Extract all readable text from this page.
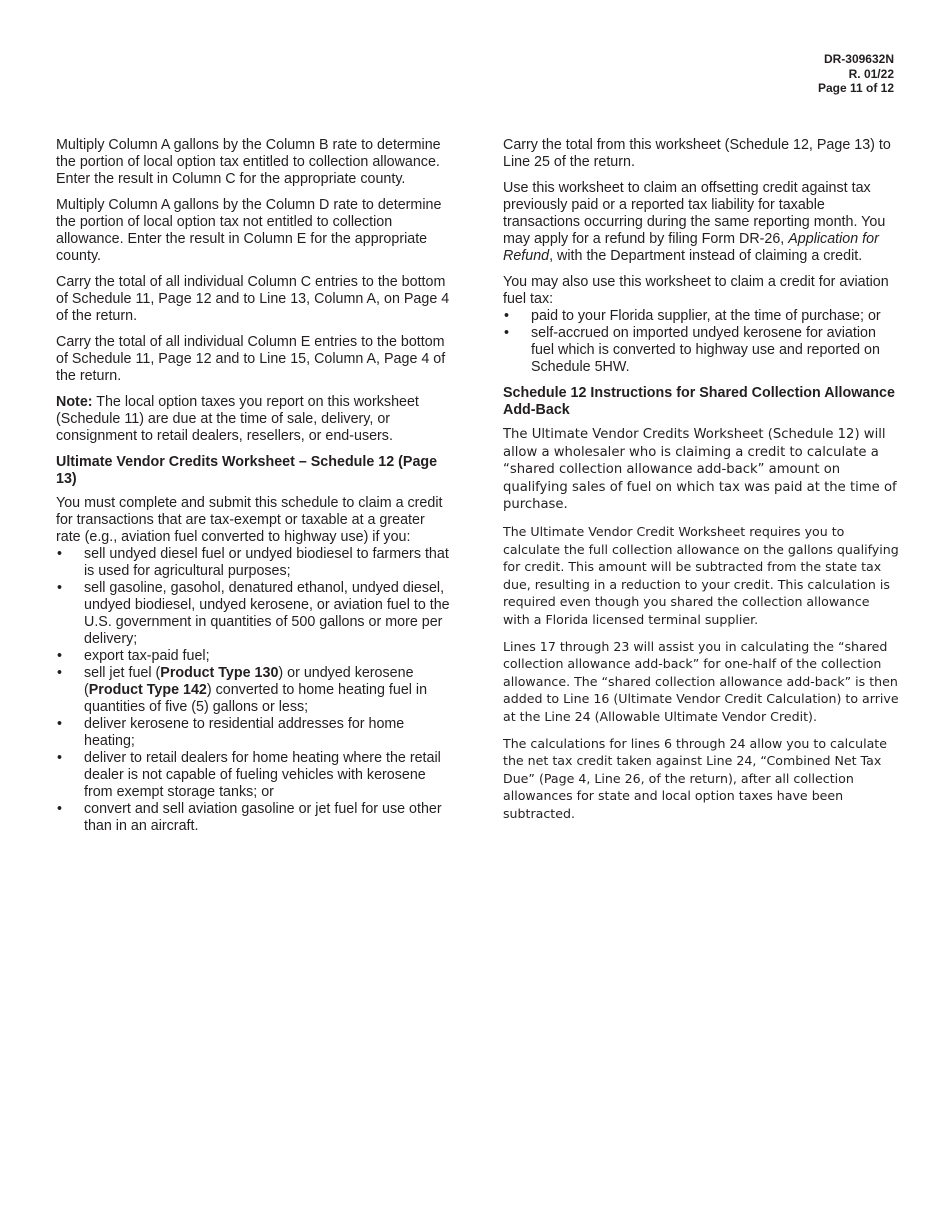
DR-309632N
R. 01/22
Page 11 of 12

Multiply Column A gallons by the Column B rate to determine the portion of local option tax entitled to collection allowance. Enter the result in Column C for the appropriate county.

Multiply Column A gallons by the Column D rate to determine the portion of local option tax not entitled to collection allowance. Enter the result in Column E for the appropriate county.

Carry the total of all individual Column C entries to the bottom of Schedule 11, Page 12 and to Line 13, Column A, on Page 4 of the return.

Carry the total of all individual Column E entries to the bottom of Schedule 11, Page 12 and to Line 15, Column A, Page 4 of the return.

Note: The local option taxes you report on this worksheet (Schedule 11) are due at the time of sale, delivery, or consignment to retail dealers, resellers, or end-users.

Ultimate Vendor Credits Worksheet – Schedule 12 (Page 13)

You must complete and submit this schedule to claim a credit for transactions that are tax-exempt or taxable at a greater rate (e.g., aviation fuel converted to highway use) if you:

• sell undyed diesel fuel or undyed biodiesel to farmers that is used for agricultural purposes;
• sell gasoline, gasohol, denatured ethanol, undyed diesel, undyed biodiesel, undyed kerosene, or aviation fuel to the U.S. government in quantities of 500 gallons or more per delivery;
• export tax-paid fuel;
• sell jet fuel (Product Type 130) or undyed kerosene (Product Type 142) converted to home heating fuel in quantities of five (5) gallons or less;
• deliver kerosene to residential addresses for home heating;
• deliver to retail dealers for home heating where the retail dealer is not capable of fueling vehicles with kerosene from exempt storage tanks; or
• convert and sell aviation gasoline or jet fuel for use other than in an aircraft.

Carry the total from this worksheet (Schedule 12, Page 13) to Line 25 of the return.

Use this worksheet to claim an offsetting credit against tax previously paid or a reported tax liability for taxable transactions occurring during the same reporting month. You may apply for a refund by filing Form DR-26, Application for Refund, with the Department instead of claiming a credit.

You may also use this worksheet to claim a credit for aviation fuel tax:

• paid to your Florida supplier, at the time of purchase; or
• self-accrued on imported undyed kerosene for aviation fuel which is converted to highway use and reported on Schedule 5HW.
Schedule 12 Instructions for Shared Collection Allowance Add-Back

The Ultimate Vendor Credits Worksheet (Schedule 12) will allow a wholesaler who is claiming a credit to calculate a “shared collection allowance add-back” amount on qualifying sales of fuel on which tax was paid at the time of purchase.

The Ultimate Vendor Credit Worksheet requires you to calculate the full collection allowance on the gallons qualifying for credit. This amount will be subtracted from the state tax due, resulting in a reduction to your credit. This calculation is required even though you shared the collection allowance with a Florida licensed terminal supplier.

Lines 17 through 23 will assist you in calculating the “shared collection allowance add-back” for one-half of the collection allowance. The “shared collection allowance add-back” is then added to Line 16 (Ultimate Vendor Credit Calculation) to arrive at the Line 24 (Allowable Ultimate Vendor Credit).

The calculations for lines 6 through 24 allow you to calculate the net tax credit taken against Line 24, “Combined Net Tax Due” (Page 4, Line 26, of the return), after all collection allowances for state and local option taxes have been subtracted.
